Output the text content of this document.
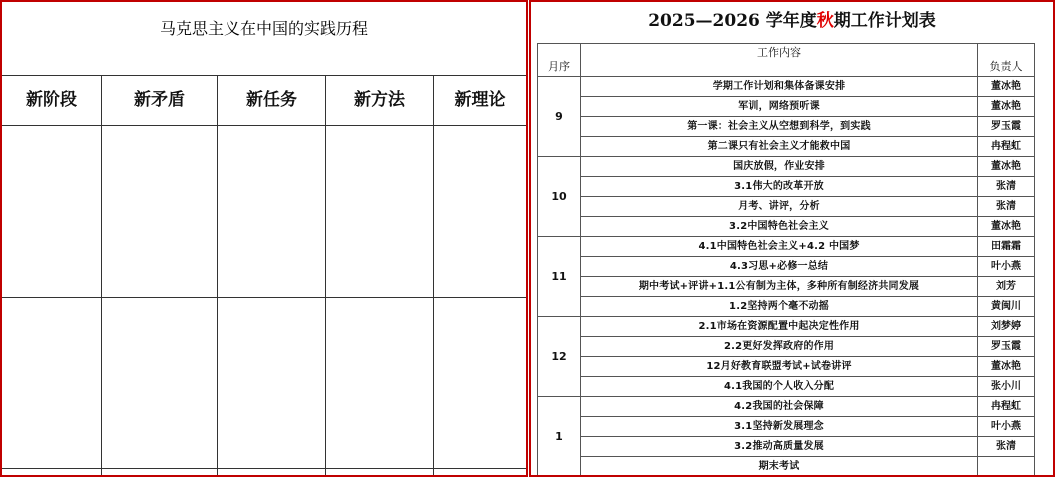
马克思主义在中国的实践历程
新阶段	新矛盾	新任务	新方法	新理论
2025—2026 学年度秋期工作计划表
月序	工作内容	负责人

9	学期工作计划和集体备课安排	董冰艳
	军训，网络预听课	董冰艳
	第一课：社会主义从空想到科学，到实践	罗玉霞
	第二课只有社会主义才能救中国	冉程虹
10	国庆放假，作业安排	董冰艳
	3.1伟大的改革开放	张清
	月考、讲评，分析	张清
	3.2中国特色社会主义	董冰艳
11	4.1中国特色社会主义+4.2 中国梦	田霜霜
	4.3习思+必修一总结	叶小燕
	期中考试+评讲+1.1公有制为主体，多种所有制经济共同发展	刘芳
	1.2坚持两个毫不动摇	黄闽川
12	2.1市场在资源配置中起决定性作用	刘梦婷
	2.2更好发挥政府的作用	罗玉霞
	12月好教育联盟考试+试卷讲评	董冰艳
	4.1我国的个人收入分配	张小川
1	4.2我国的社会保障	冉程虹
	3.1坚持新发展理念	叶小燕
	3.2推动高质量发展	张清
	期末考试	
